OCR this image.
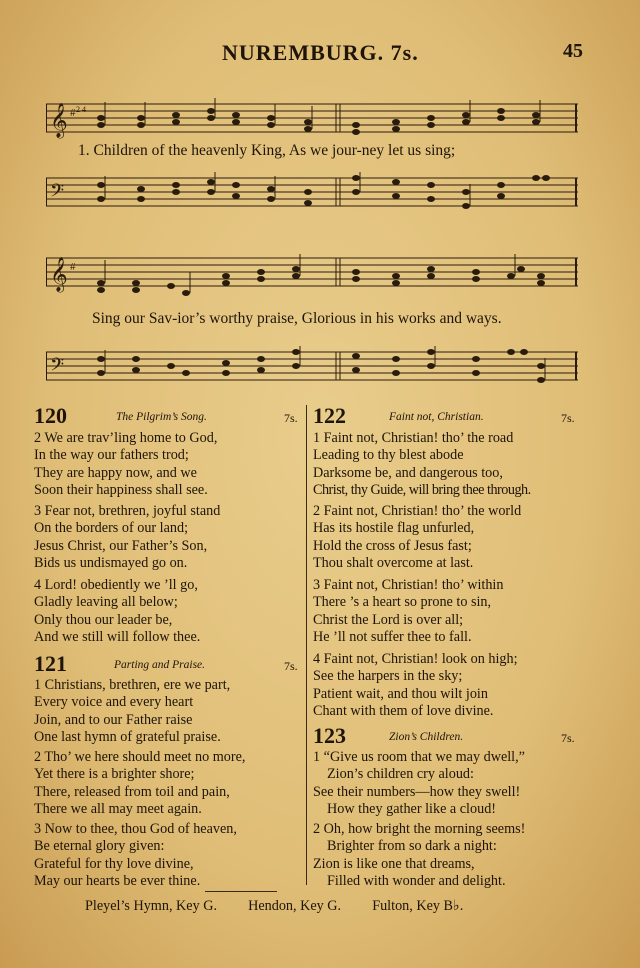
NUREMBURG. 7s.	45
𝄞 # 2 4
1. Children of the heavenly King, As we jour-ney let us sing;
𝄢
𝄞 #
Sing our Sav-ior’s worthy praise, Glorious in his works and ways.
𝄢
120	The Pilgrim’s Song.	7s.
2 We are trav’ling home to God,
In the way our fathers trod;
They are happy now, and we
Soon their happiness shall see.
3 Fear not, brethren, joyful stand
On the borders of our land;
Jesus Christ, our Father’s Son,
Bids us undismayed go on.
4 Lord! obediently we ’ll go,
Gladly leaving all below;
Only thou our leader be,
And we still will follow thee.
121	Parting and Praise.	7s.
1 Christians, brethren, ere we part,
Every voice and every heart
Join, and to our Father raise
One last hymn of grateful praise.
2 Tho’ we here should meet no more,
Yet there is a brighter shore;
There, released from toil and pain,
There we all may meet again.
3 Now to thee, thou God of heaven,
Be eternal glory given:
Grateful for thy love divine,
May our hearts be ever thine.
122	Faint not, Christian.	7s.
1 Faint not, Christian! tho’ the road
Leading to thy blest abode
Darksome be, and dangerous too,
Christ, thy Guide, will bring thee through.
2 Faint not, Christian! tho’ the world
Has its hostile flag unfurled,
Hold the cross of Jesus fast;
Thou shalt overcome at last.
3 Faint not, Christian! tho’ within
There ’s a heart so prone to sin,
Christ the Lord is over all;
He ’ll not suffer thee to fall.
4 Faint not, Christian! look on high;
See the harpers in the sky;
Patient wait, and thou wilt join
Chant with them of love divine.
123	Zion’s Children.	7s.
1 “Give us room that we may dwell,”
Zion’s children cry aloud:
See their numbers—how they swell!
How they gather like a cloud!
2 Oh, how bright the morning seems!
Brighter from so dark a night:
Zion is like one that dreams,
Filled with wonder and delight.
Pleyel’s Hymn, Key G. Hendon, Key G. Fulton, Key B♭.
